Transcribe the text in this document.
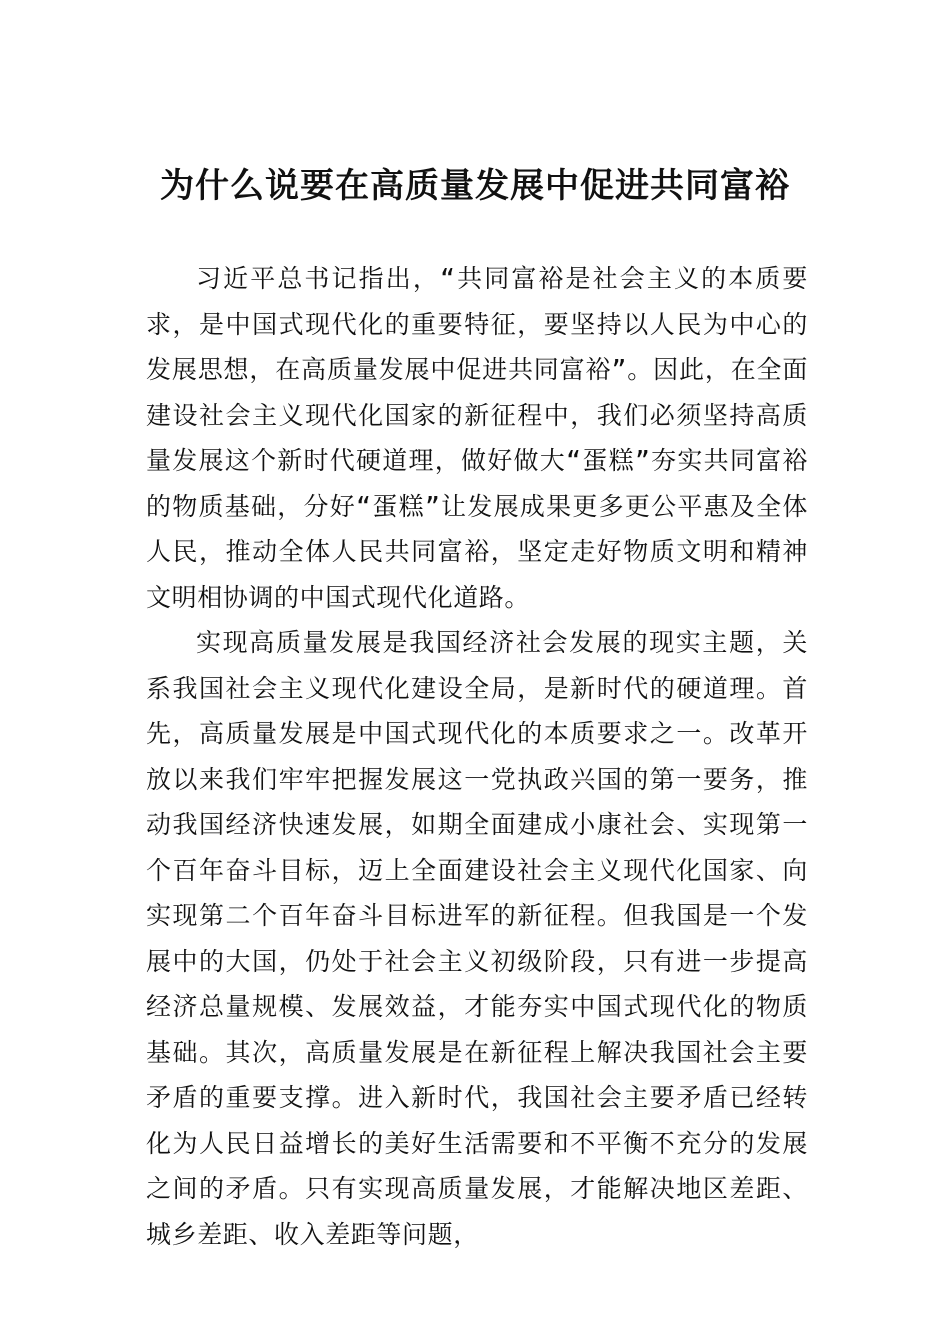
为什么说要在高质量发展中促进共同富裕

习近平总书记指出，“共同富裕是社会主义的本质要求，是中国式现代化的重要特征，要坚持以人民为中心的发展思想，在高质量发展中促进共同富裕”。因此，在全面建设社会主义现代化国家的新征程中，我们必须坚持高质量发展这个新时代硬道理，做好做大“蛋糕”夯实共同富裕的物质基础，分好“蛋糕”让发展成果更多更公平惠及全体人民，推动全体人民共同富裕，坚定走好物质文明和精神文明相协调的中国式现代化道路。

实现高质量发展是我国经济社会发展的现实主题，关系我国社会主义现代化建设全局，是新时代的硬道理。首先，高质量发展是中国式现代化的本质要求之一。改革开放以来我们牢牢把握发展这一党执政兴国的第一要务，推动我国经济快速发展，如期全面建成小康社会、实现第一个百年奋斗目标，迈上全面建设社会主义现代化国家、向实现第二个百年奋斗目标进军的新征程。但我国是一个发展中的大国，仍处于社会主义初级阶段，只有进一步提高经济总量规模、发展效益，才能夯实中国式现代化的物质基础。其次，高质量发展是在新征程上解决我国社会主要矛盾的重要支撑。进入新时代，我国社会主要矛盾已经转化为人民日益增长的美好生活需要和不平衡不充分的发展之间的矛盾。只有实现高质量发展，才能解决地区差距、城乡差距、收入差距等问题，
